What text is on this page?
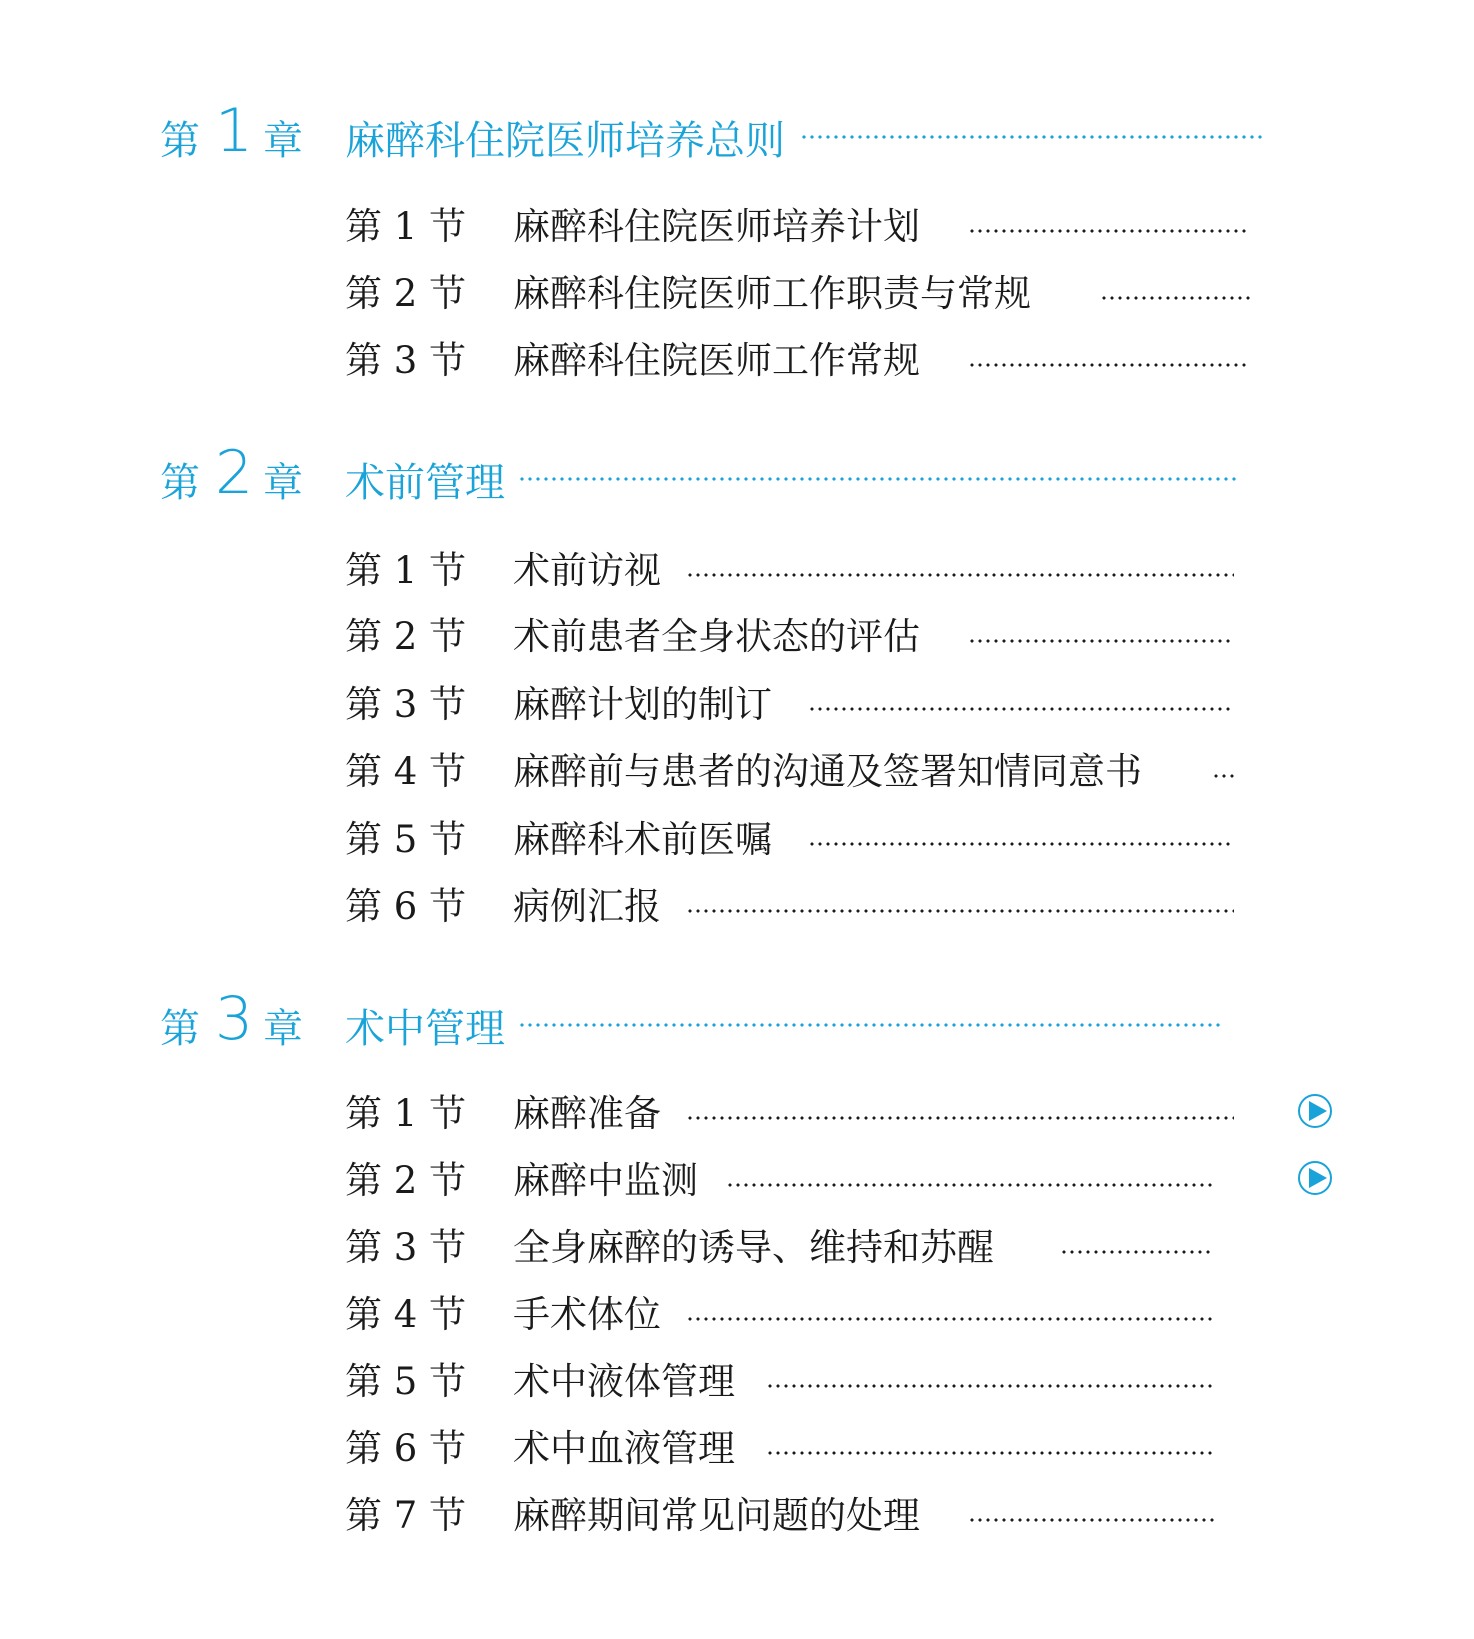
第 1 章 麻醉科住院医师培养总则
第 1 节 麻醉科住院医师培养计划
第 2 节 麻醉科住院医师工作职责与常规
第 3 节 麻醉科住院医师工作常规
第 2 章 术前管理
第 1 节 术前访视
第 2 节 术前患者全身状态的评估
第 3 节 麻醉计划的制订
第 4 节 麻醉前与患者的沟通及签署知情同意书
第 5 节 麻醉科术前医嘱
第 6 节 病例汇报
第 3 章 术中管理
第 1 节 麻醉准备
第 2 节 麻醉中监测
第 3 节 全身麻醉的诱导、维持和苏醒
第 4 节 手术体位
第 5 节 术中液体管理
第 6 节 术中血液管理
第 7 节 麻醉期间常见问题的处理
